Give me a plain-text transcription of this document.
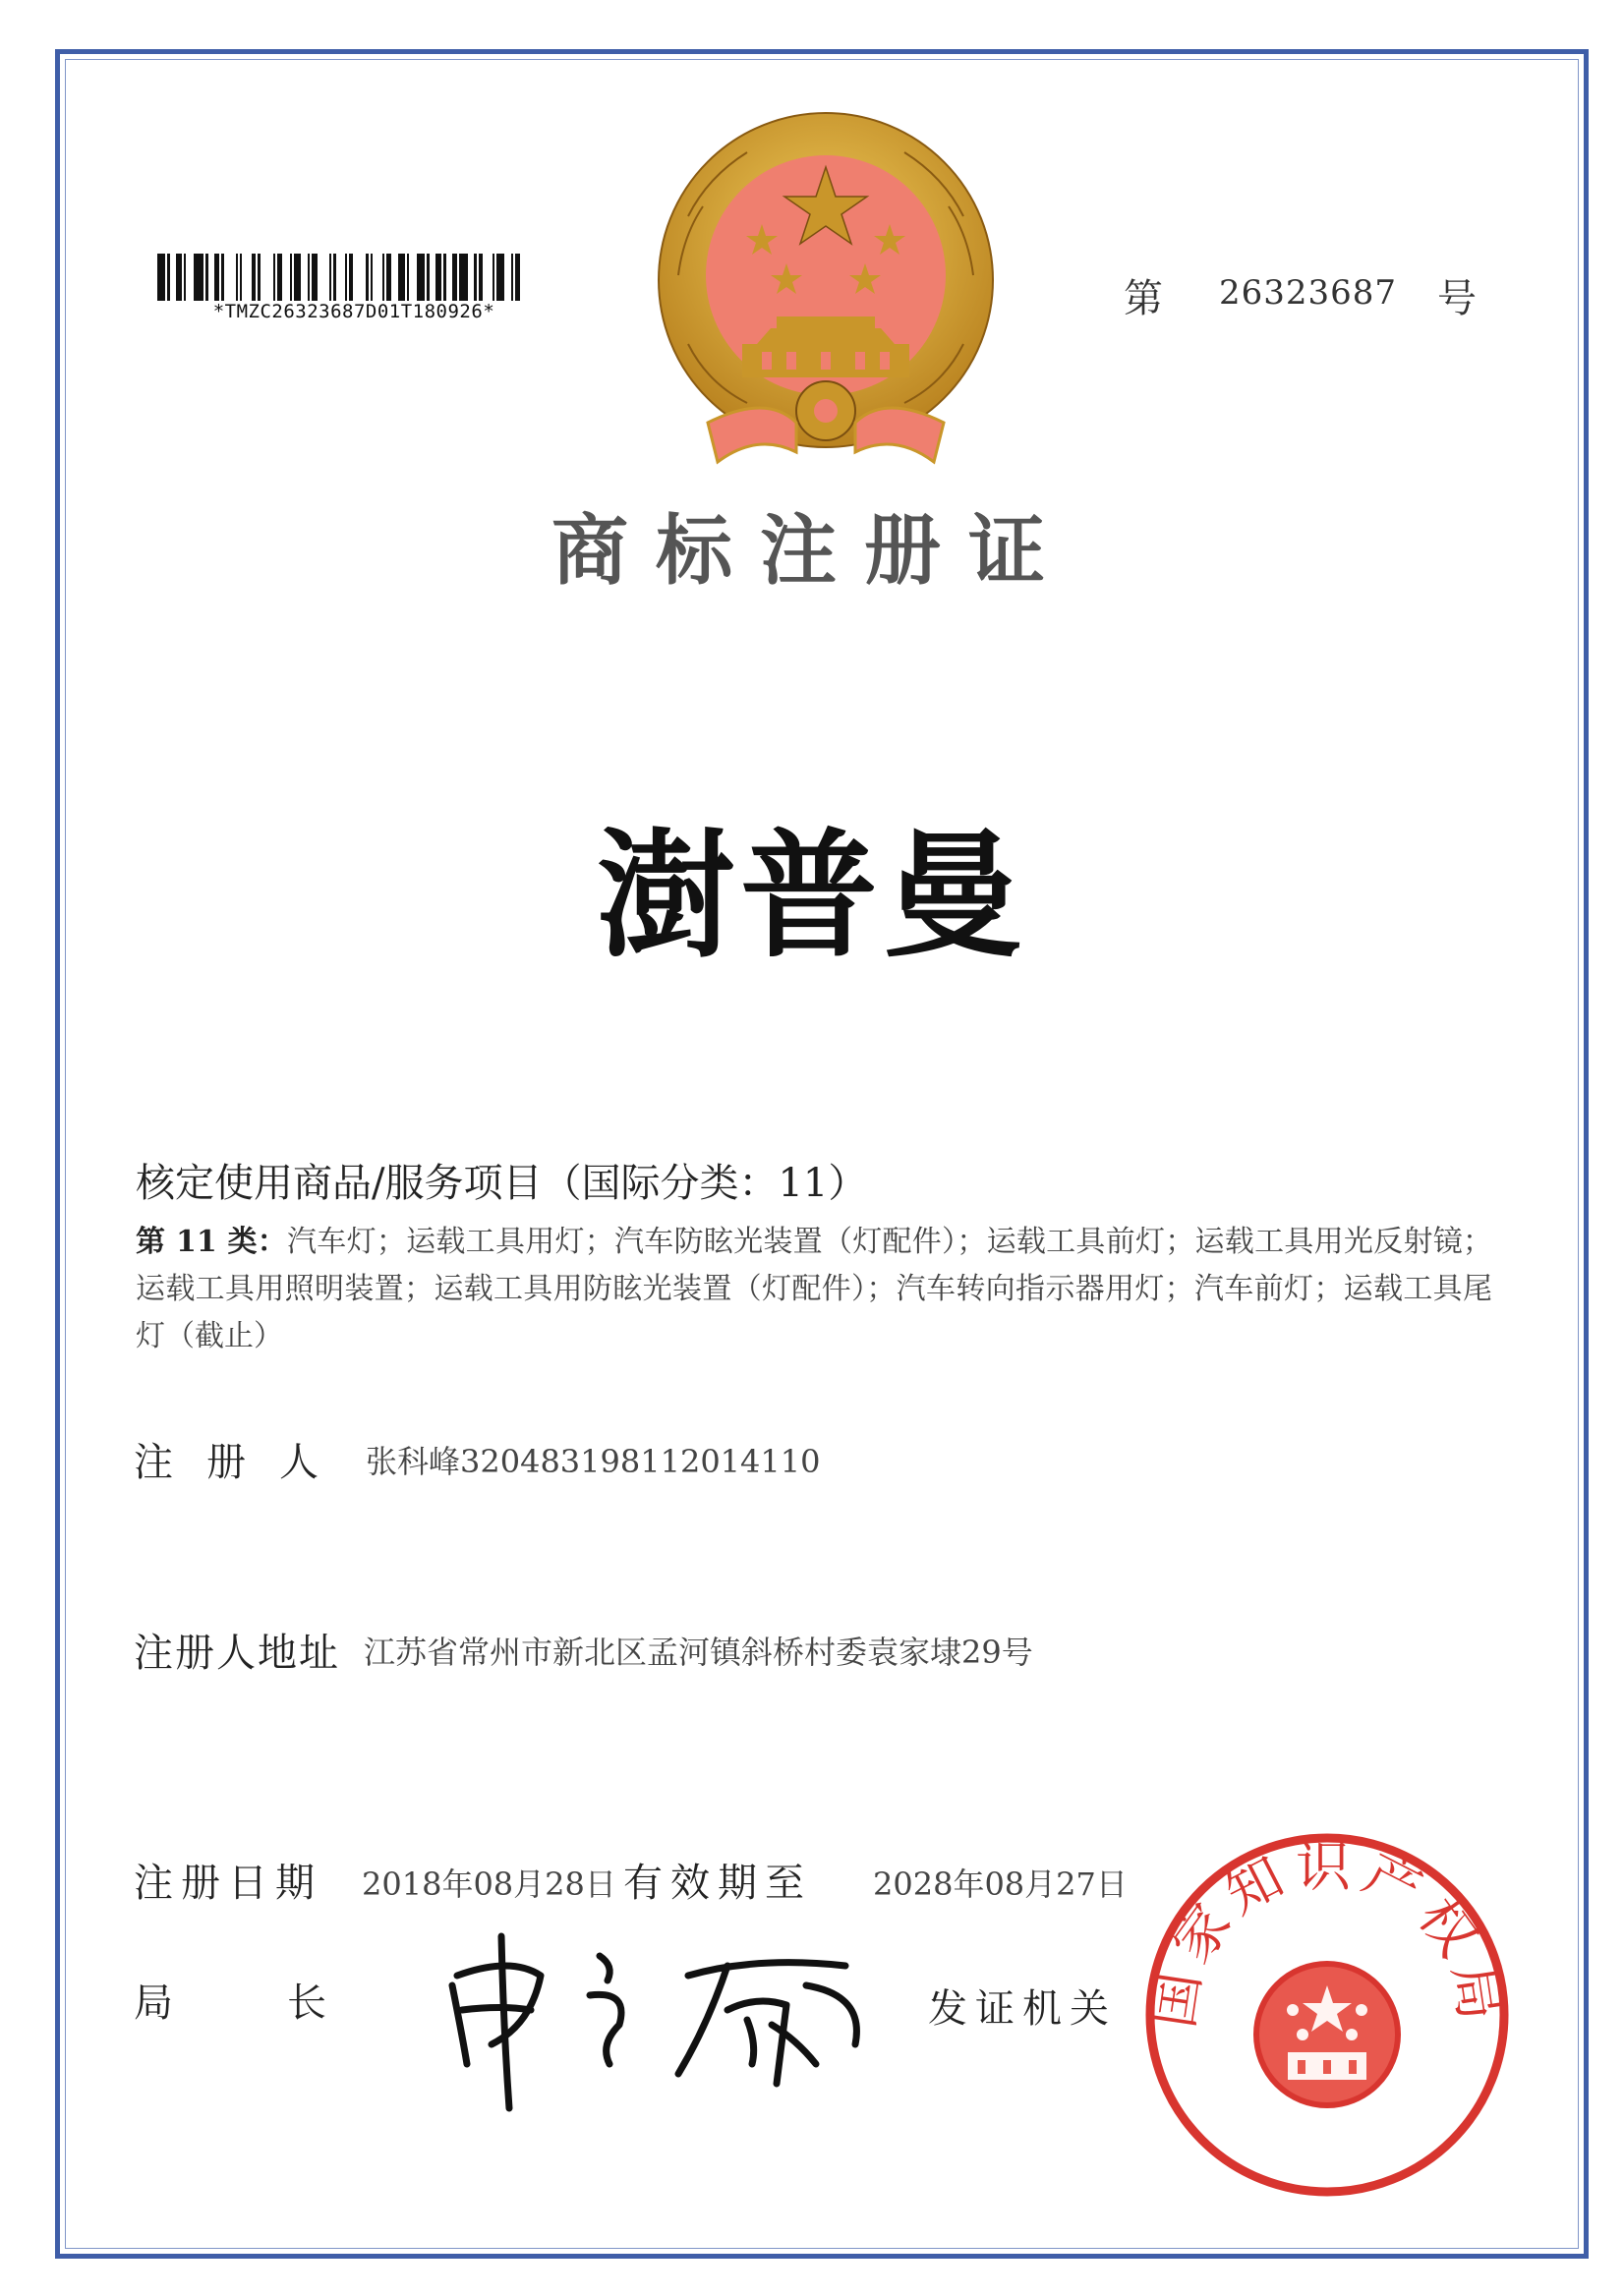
*TMZC26323687D01T180926*	第 26323687 号
商标注册证
澍普曼
核定使用商品/服务项目（国际分类：11）
第 11 类：汽车灯；运载工具用灯；汽车防眩光装置（灯配件）；运载工具前灯；运载工具用光反射镜；运载工具用照明装置；运载工具用防眩光装置（灯配件）；汽车转向指示器用灯；汽车前灯；运载工具尾灯（截止）
注册人 张科峰320483198112014110
注册人地址 江苏省常州市新北区孟河镇斜桥村委袁家埭29号
注册日期 2018年08月28日 有效期至 2028年08月27日
局	长	发证机关 国家知识产权局
